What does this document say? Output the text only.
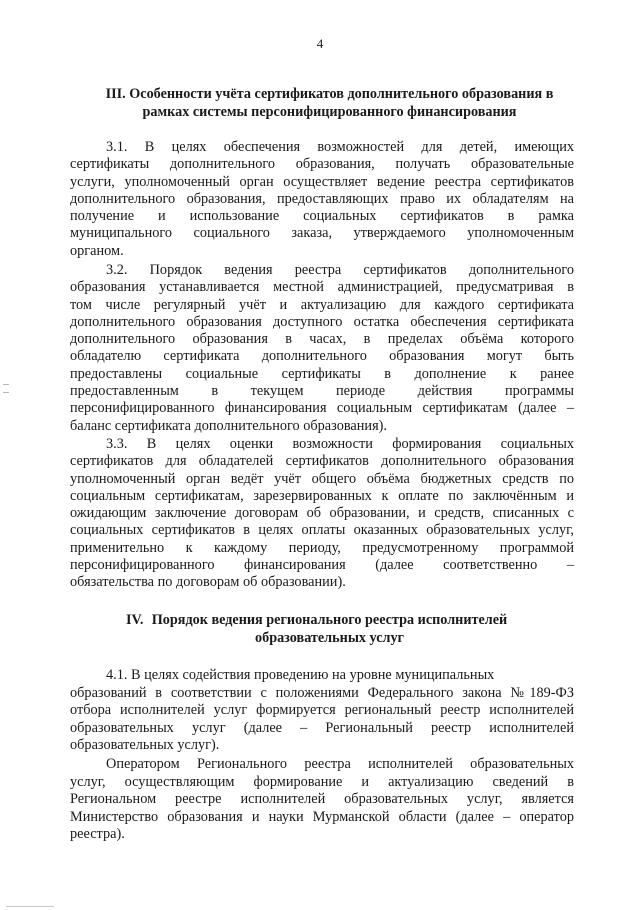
4
III. Особенности учёта сертификатов дополнительного образования в
рамках системы персонифицированного финансирования
3.1. В целях обеспечения возможностей для детей, имеющих
сертификаты дополнительного образования, получать образовательные
услуги, уполномоченный орган осуществляет ведение реестра сертификатов
дополнительного образования, предоставляющих право их обладателям на
получение и использование социальных сертификатов в рамка
муниципального социального заказа, утверждаемого уполномоченным
органом.
3.2. Порядок ведения реестра сертификатов дополнительного
образования устанавливается местной администрацией, предусматривая в
том числе регулярный учёт и актуализацию для каждого сертификата
дополнительного образования доступного остатка обеспечения сертификата
дополнительного образования в часах, в пределах объёма которого
обладателю сертификата дополнительного образования могут быть
предоставлены социальные сертификаты в дополнение к ранее
предоставленным в текущем периоде действия программы
персонифицированного финансирования социальным сертификатам (далее –
баланс сертификата дополнительного образования).
3.3. В целях оценки возможности формирования социальных
сертификатов для обладателей сертификатов дополнительного образования
уполномоченный орган ведёт учёт общего объёма бюджетных средств по
социальным сертификатам, зарезервированных к оплате по заключённым и
ожидающим заключение договорам об образовании, и средств, списанных с
социальных сертификатов в целях оплаты оказанных образовательных услуг,
применительно к каждому периоду, предусмотренному программой
персонифицированного финансирования (далее соответственно –
обязательства по договорам об образовании).
IV. Порядок ведения регионального реестра исполнителей
образовательных услуг
4.1. В целях содействия проведению на уровне муниципальных
образований в соответствии с положениями Федерального закона №189-ФЗ
отбора исполнителей услуг формируется региональный реестр исполнителей
образовательных услуг (далее – Региональный реестр исполнителей
образовательных услуг).
Оператором Регионального реестра исполнителей образовательных
услуг, осуществляющим формирование и актуализацию сведений в
Региональном реестре исполнителей образовательных услуг, является
Министерство образования и науки Мурманской области (далее – оператор
реестра).
